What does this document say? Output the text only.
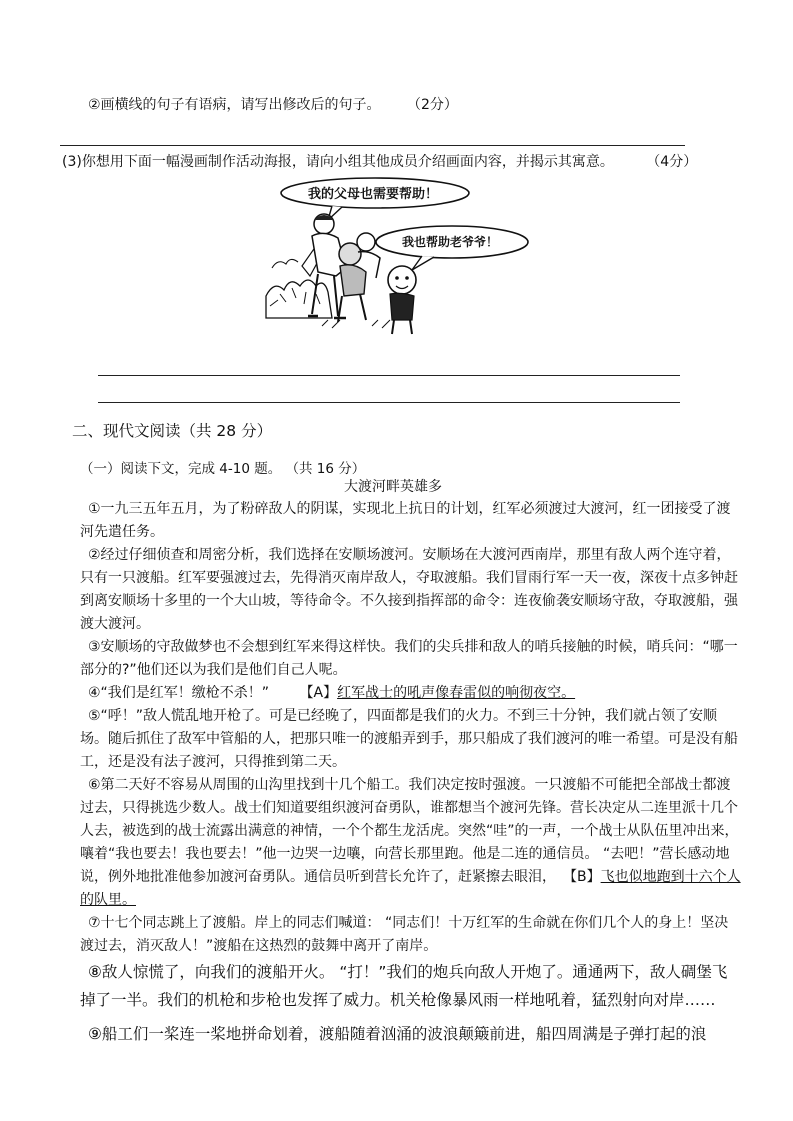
②画横线的句子有语病，请写出修改后的句子。 （2分）
(3)你想用下面一幅漫画制作活动海报，请向小组其他成员介绍画面内容，并揭示其寓意。 （4分）
我的父母也需要帮助！
我也帮助老爷爷！
二、现代文阅读（共 28 分）
（一）阅读下文，完成 4-10 题。 （共 16 分）
大渡河畔英雄多

①一九三五年五月，为了粉碎敌人的阴谋，实现北上抗日的计划，红军必须渡过大渡河，红一团接受了渡河先遣任务。

②经过仔细侦查和周密分析，我们选择在安顺场渡河。安顺场在大渡河西南岸，那里有敌人两个连守着，只有一只渡船。红军要强渡过去，先得消灭南岸敌人，夺取渡船。我们冒雨行军一天一夜，深夜十点多钟赶到离安顺场十多里的一个大山坡，等待命令。不久接到指挥部的命令：连夜偷袭安顺场守敌，夺取渡船，强渡大渡河。

③安顺场的守敌做梦也不会想到红军来得这样快。我们的尖兵排和敌人的哨兵接触的时候，哨兵问：“哪一部分的?”他们还以为我们是他们自己人呢。

④“我们是红军！缴枪不杀！” 【A】红军战士的吼声像春雷似的响彻夜空。

⑤“呼！”敌人慌乱地开枪了。可是已经晚了，四面都是我们的火力。不到三十分钟，我们就占领了安顺场。随后抓住了敌军中管船的人，把那只唯一的渡船弄到手，那只船成了我们渡河的唯一希望。可是没有船工，还是没有法子渡河，只得推到第二天。

⑥第二天好不容易从周围的山沟里找到十几个船工。我们决定按时强渡。一只渡船不可能把全部战士都渡过去，只得挑选少数人。战士们知道要组织渡河奋勇队，谁都想当个渡河先锋。营长决定从二连里派十几个人去，被选到的战士流露出满意的神情，一个个都生龙活虎。突然“哇”的一声，一个战士从队伍里冲出来，嚷着“我也要去！我也要去！”他一边哭一边嚷，向营长那里跑。他是二连的通信员。 “去吧！”营长感动地说，例外地批准他参加渡河奋勇队。通信员听到营长允许了，赶紧擦去眼泪， 【B】飞也似地跑到十六个人的队里。

⑦十七个同志跳上了渡船。岸上的同志们喊道： “同志们！十万红军的生命就在你们几个人的身上！坚决渡过去，消灭敌人！”渡船在这热烈的鼓舞中离开了南岸。

⑧敌人惊慌了，向我们的渡船开火。 “打！”我们的炮兵向敌人开炮了。通通两下，敌人碉堡飞掉了一半。我们的机枪和步枪也发挥了威力。机关枪像暴风雨一样地吼着，猛烈射向对岸……

⑨船工们一桨连一桨地拼命划着，渡船随着汹涌的波浪颠簸前进，船四周满是子弹打起的浪
